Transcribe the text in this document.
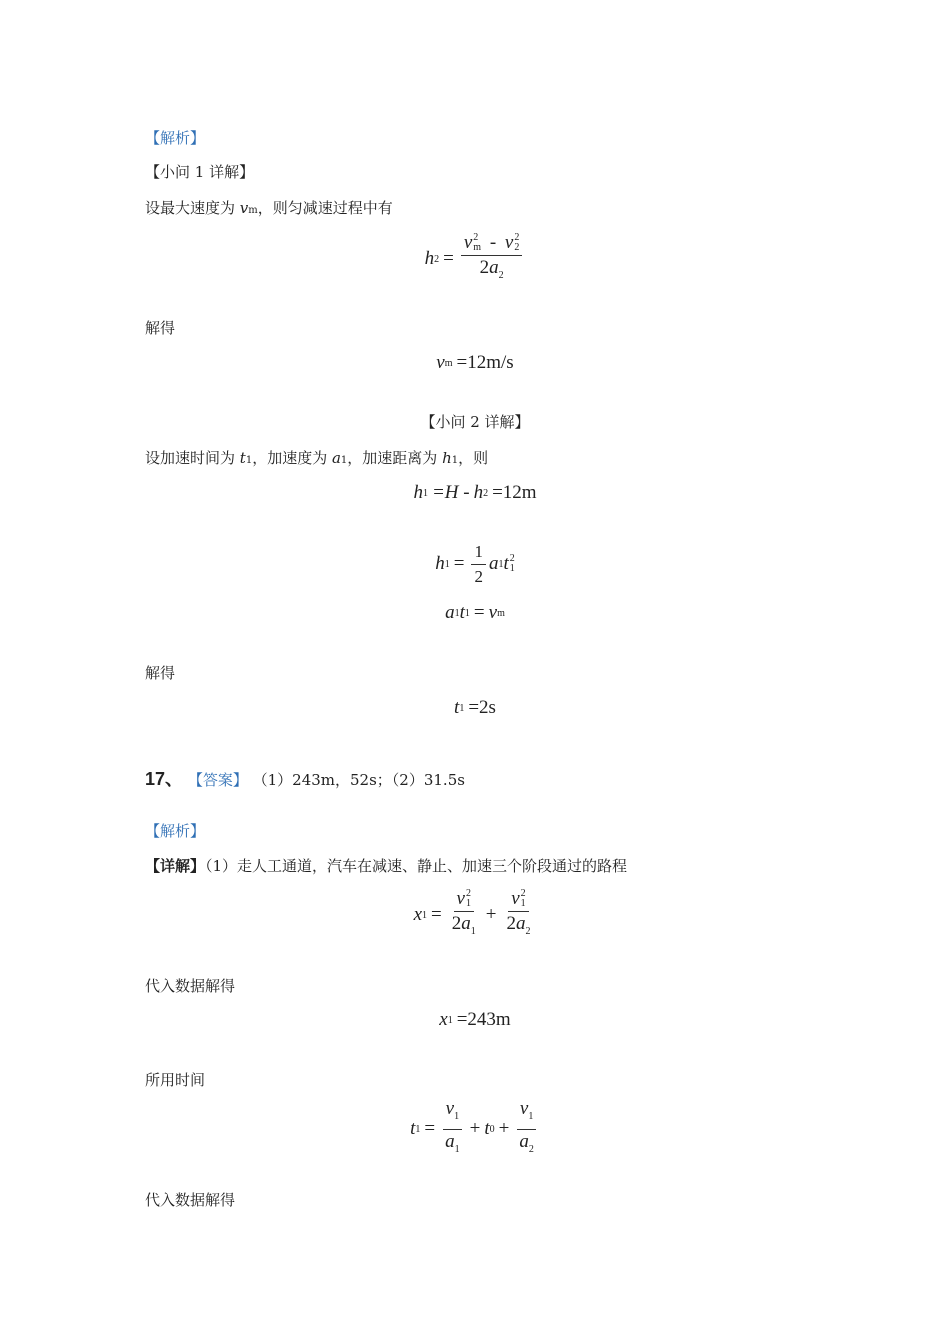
【解析】
【小问 1 详解】
设最大速度为 vm，则匀减速过程中有
h 2 = v 2
m - v 2
2
$2a_2$
解得
v m =12m/s
【小问 2 详解】
设加速时间为 t1，加速度为 a1，加速距离为 h1，则
h 1 =H - h 2 =12m
h $1 = \frac{1}{2}$ a 1 t 2
1
a 1 t 1 = v m
解得
t 1 =2s
17、 【答案】 （1）243m，52s；（2）31.5s
【解析】
【详解】（1）走人工通道，汽车在减速、静止、加速三个阶段通过的路程
x 1 = v 2
1
$2a_1 + v$ 2
1
$2a_2$
代入数据解得
x 1 =243m
所用时间
t $1 = \frac{v_1}{a_1} + t$ $0 + \frac{v_1}{a_2}$
代入数据解得
